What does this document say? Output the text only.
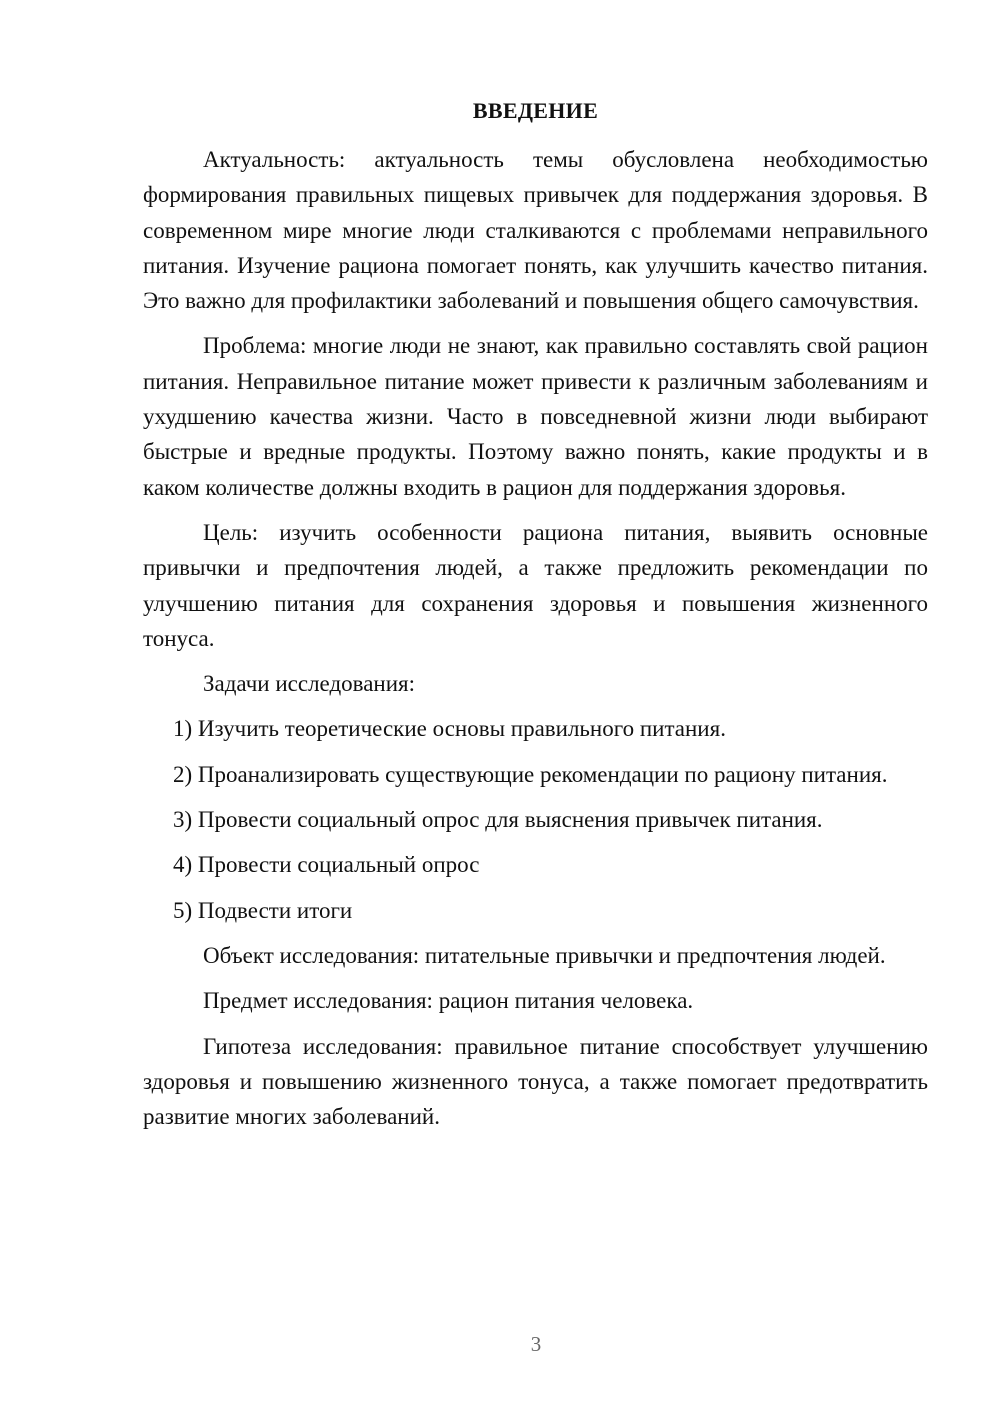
ВВЕДЕНИЕ

Актуальность: актуальность темы обусловлена необходимостью формирования правильных пищевых привычек для поддержания здоровья. В современном мире многие люди сталкиваются с проблемами неправильного питания. Изучение рациона помогает понять, как улучшить качество питания. Это важно для профилактики заболеваний и повышения общего самочувствия.

Проблема: многие люди не знают, как правильно составлять свой рацион питания. Неправильное питание может привести к различным заболеваниям и ухудшению качества жизни. Часто в повседневной жизни люди выбирают быстрые и вредные продукты. Поэтому важно понять, какие продукты и в каком количестве должны входить в рацион для поддержания здоровья.

Цель: изучить особенности рациона питания, выявить основные привычки и предпочтения людей, а также предложить рекомендации по улучшению питания для сохранения здоровья и повышения жизненного тонуса.

Задачи исследования:

1) Изучить теоретические основы правильного питания.

2) Проанализировать существующие рекомендации по рациону питания.

3) Провести социальный опрос для выяснения привычек питания.

4) Провести социальный опрос

5) Подвести итоги

Объект исследования: питательные привычки и предпочтения людей.

Предмет исследования: рацион питания человека.

Гипотеза исследования: правильное питание способствует улучшению здоровья и повышению жизненного тонуса, а также помогает предотвратить развитие многих заболеваний.

3
